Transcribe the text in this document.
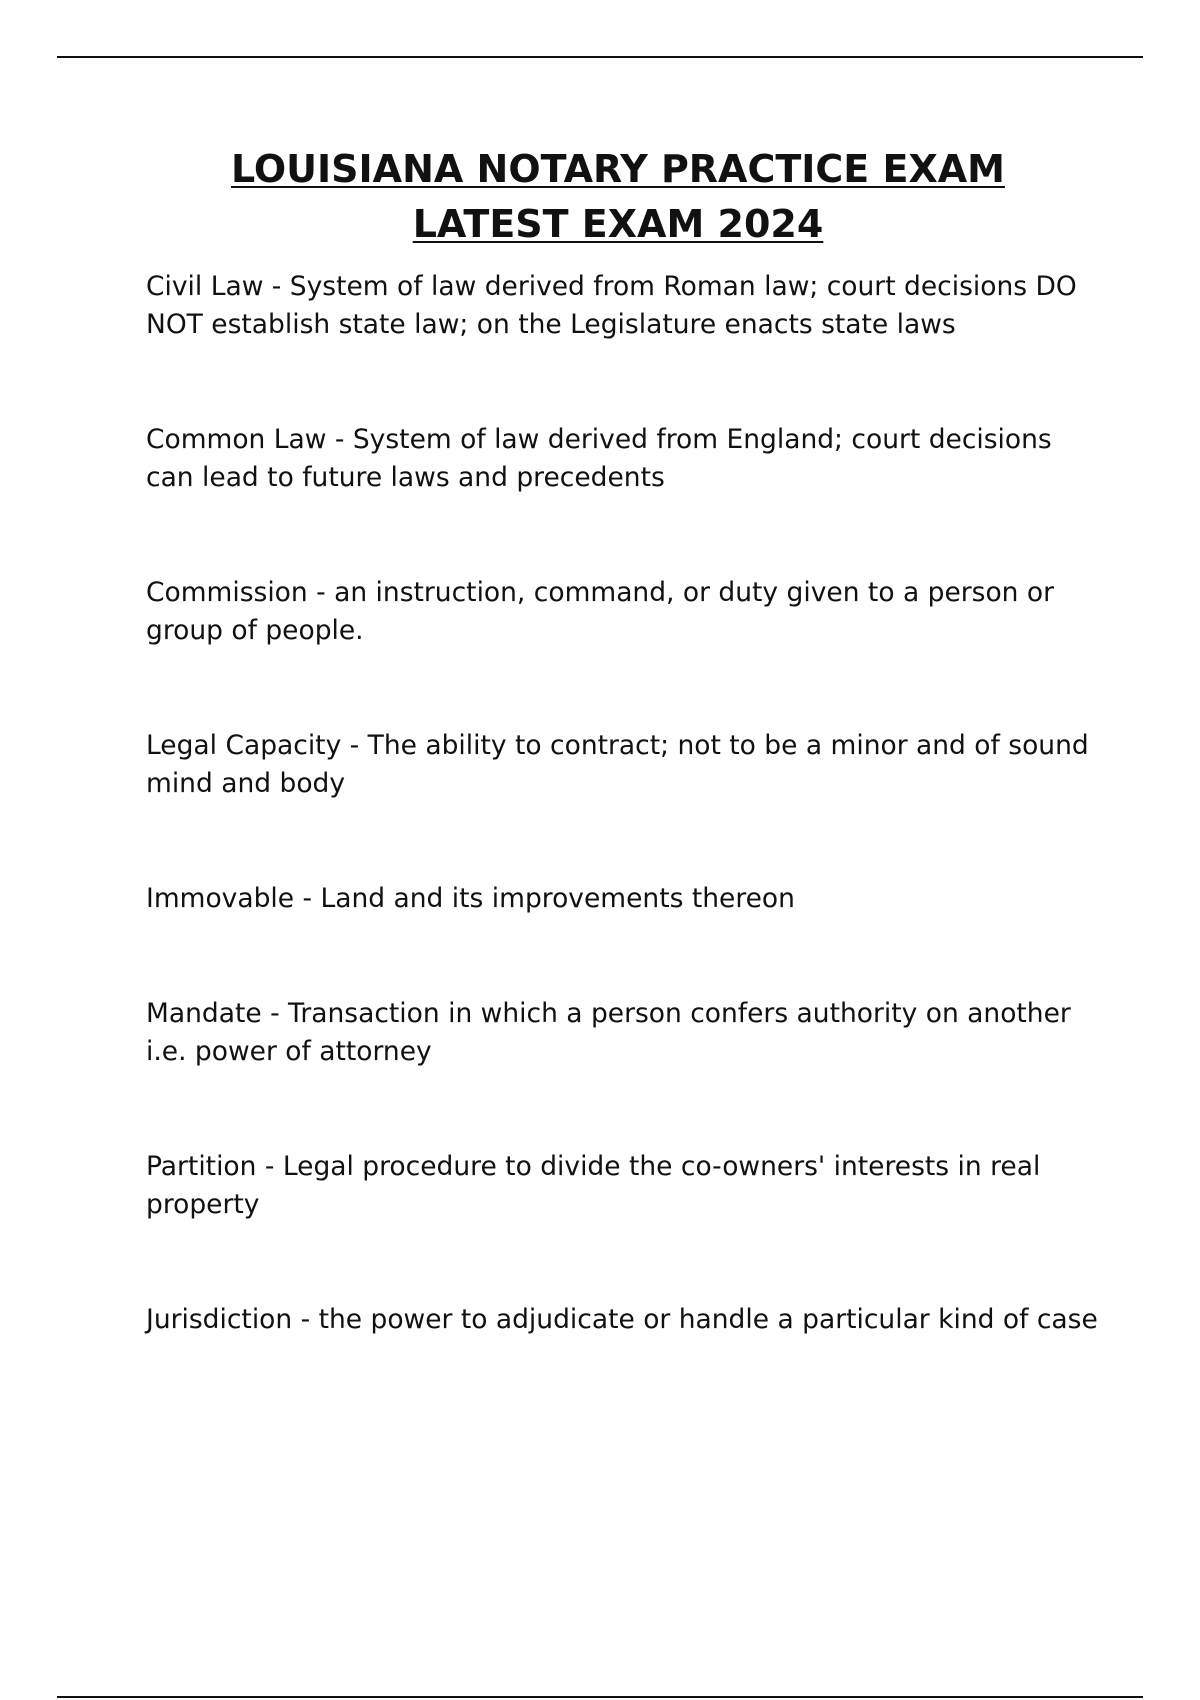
LOUISIANA NOTARY PRACTICE EXAM
LATEST EXAM 2024
Civil Law - System of law derived from Roman law; court decisions DO NOT establish state law; on the Legislature enacts state laws
Common Law - System of law derived from England; court decisions can lead to future laws and precedents
Commission - an instruction, command, or duty given to a person or group of people.
Legal Capacity - The ability to contract; not to be a minor and of sound mind and body
Immovable - Land and its improvements thereon
Mandate - Transaction in which a person confers authority on another i.e. power of attorney
Partition - Legal procedure to divide the co-owners' interests in real property
Jurisdiction - the power to adjudicate or handle a particular kind of case
